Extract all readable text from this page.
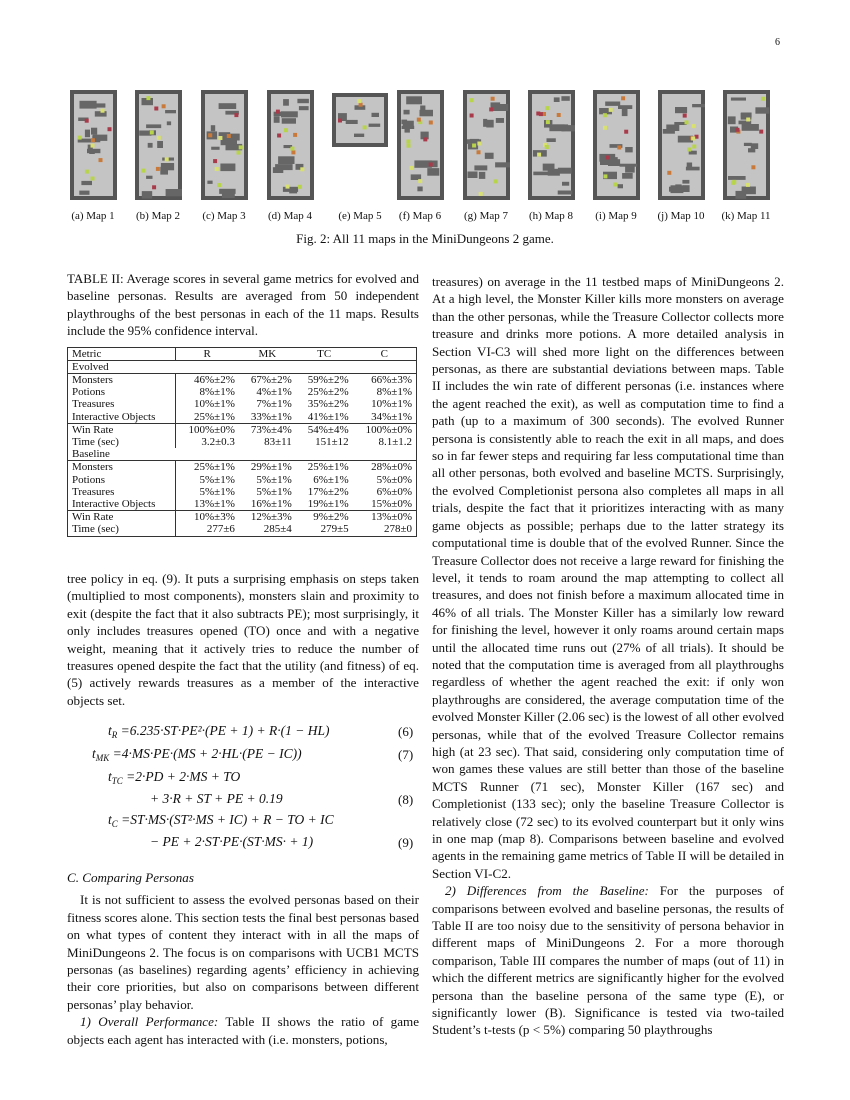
6
(a) Map 1 (b) Map 2 (c) Map 3 (d) Map 4 (e) Map 5 (f) Map 6 (g) Map 7 (h) Map 8 (i) Map 9 (j) Map 10 (k) Map 11
Fig. 2: All 11 maps in the MiniDungeons 2 game.

TABLE II: Average scores in several game metrics for evolved and baseline personas. Results are averaged from 50 independent playthroughs of the best personas in each of the 11 maps. Results include the 95% confidence interval.

Metric	R	MK	TC	C
Evolved				
Monsters	46%±2%	67%±2%	59%±2%	66%±3%
Potions	8%±1%	4%±1%	25%±2%	8%±1%
Treasures	10%±1%	7%±1%	35%±2%	10%±1%
Interactive Objects	25%±1%	33%±1%	41%±1%	34%±1%
Win Rate	100%±0%	73%±4%	54%±4%	100%±0%
Time (sec)	3.2±0.3	83±11	151±12	8.1±1.2
Baseline				
Monsters	25%±1%	29%±1%	25%±1%	28%±0%
Potions	5%±1%	5%±1%	6%±1%	5%±0%
Treasures	5%±1%	5%±1%	17%±2%	6%±0%
Interactive Objects	13%±1%	16%±1%	19%±1%	15%±0%
Win Rate	10%±3%	12%±3%	9%±2%	13%±0%
Time (sec)	277±6	285±4	279±5	278±0

tree policy in eq. (9). It puts a surprising emphasis on steps taken (multiplied to most components), monsters slain and proximity to exit (despite the fact that it also subtracts PE); most surprisingly, it only includes treasures opened (TO) once and with a negative weight, meaning that it actively tries to reduce the number of treasures opened despite the fact that the utility (and fitness) of eq. (5) actively rewards treasures as a member of the interactive objects set.

$t_R =6.235\cdot ST\cdot PE^2\cdot(PE + 1) + R\cdot(1 - HL)$	(6)
$t_{MK} =4\cdot MS\cdot PE\cdot(MS + 2\cdot HL\cdot(PE - IC))$	(7)
$t_{TC} =2\cdot PD + 2\cdot MS$ + TO
+ 3·R + ST + PE + 0.19	(8)
$t_C =ST\cdot MS\cdot(ST^2\cdot MS + IC) + R$ − TO + IC
− PE + 2·ST·PE·(ST·MS· + 1)	(9)
C. Comparing Personas

It is not sufficient to assess the evolved personas based on their fitness scores alone. This section tests the final best personas based on what types of content they interact with in all the maps of MiniDungeons 2. The focus is on comparisons with UCB1 MCTS personas (as baselines) regarding agents’ efficiency in achieving their core priorities, but also on comparisons between different personas’ play behavior.

1) Overall Performance: Table II shows the ratio of game objects each agent has interacted with (i.e. monsters, potions,

treasures) on average in the 11 testbed maps of MiniDungeons 2. At a high level, the Monster Killer kills more monsters on average than the other personas, while the Treasure Collector collects more treasure and drinks more potions. A more detailed analysis in Section VI-C3 will shed more light on the differences between personas, as there are substantial deviations between maps. Table II includes the win rate of different personas (i.e. instances where the agent reached the exit), as well as computation time to find a path (up to a maximum of 300 seconds). The evolved Runner persona is consistently able to reach the exit in all maps, and does so in far fewer steps and requiring far less computational time than all other personas, both evolved and baseline MCTS. Surprisingly, the evolved Completionist persona also completes all maps in all trials, despite the fact that it prioritizes interacting with as many game objects as possible; perhaps due to the latter strategy its computational time is double that of the evolved Runner. Since the Treasure Collector does not receive a large reward for finishing the level, it tends to roam around the map attempting to collect all treasures, and does not finish before a maximum allocated time in 46% of all trials. The Monster Killer has a similarly low reward for finishing the level, however it only roams around certain maps until the allocated time runs out (27% of all trials). It should be noted that the computation time is averaged from all playthroughs regardless of whether the agent reached the exit: if only won playthroughs are considered, the average computation time of the evolved Monster Killer (2.06 sec) is the lowest of all other evolved personas, while that of the evolved Treasure Collector remains high (at 23 sec). That said, considering only computation time of won games these values are still better than those of the baseline MCTS Runner (71 sec), Monster Killer (167 sec) and Completionist (133 sec); only the baseline Treasure Collector is relatively close (72 sec) to its evolved counterpart but it only wins in one map (map 8). Comparisons between baseline and evolved agents in the remaining game metrics of Table II will be detailed in Section VI-C2.

2) Differences from the Baseline: For the purposes of comparisons between evolved and baseline personas, the results of Table II are too noisy due to the sensitivity of persona behavior in different maps of MiniDungeons 2. For a more thorough comparison, Table III compares the number of maps (out of 11) in which the different metrics are significantly higher for the evolved persona than the baseline persona of the same type (E), or significantly lower (B). Significance is tested via two-tailed Student’s t-tests (p < 5%) comparing 50 playthroughs
